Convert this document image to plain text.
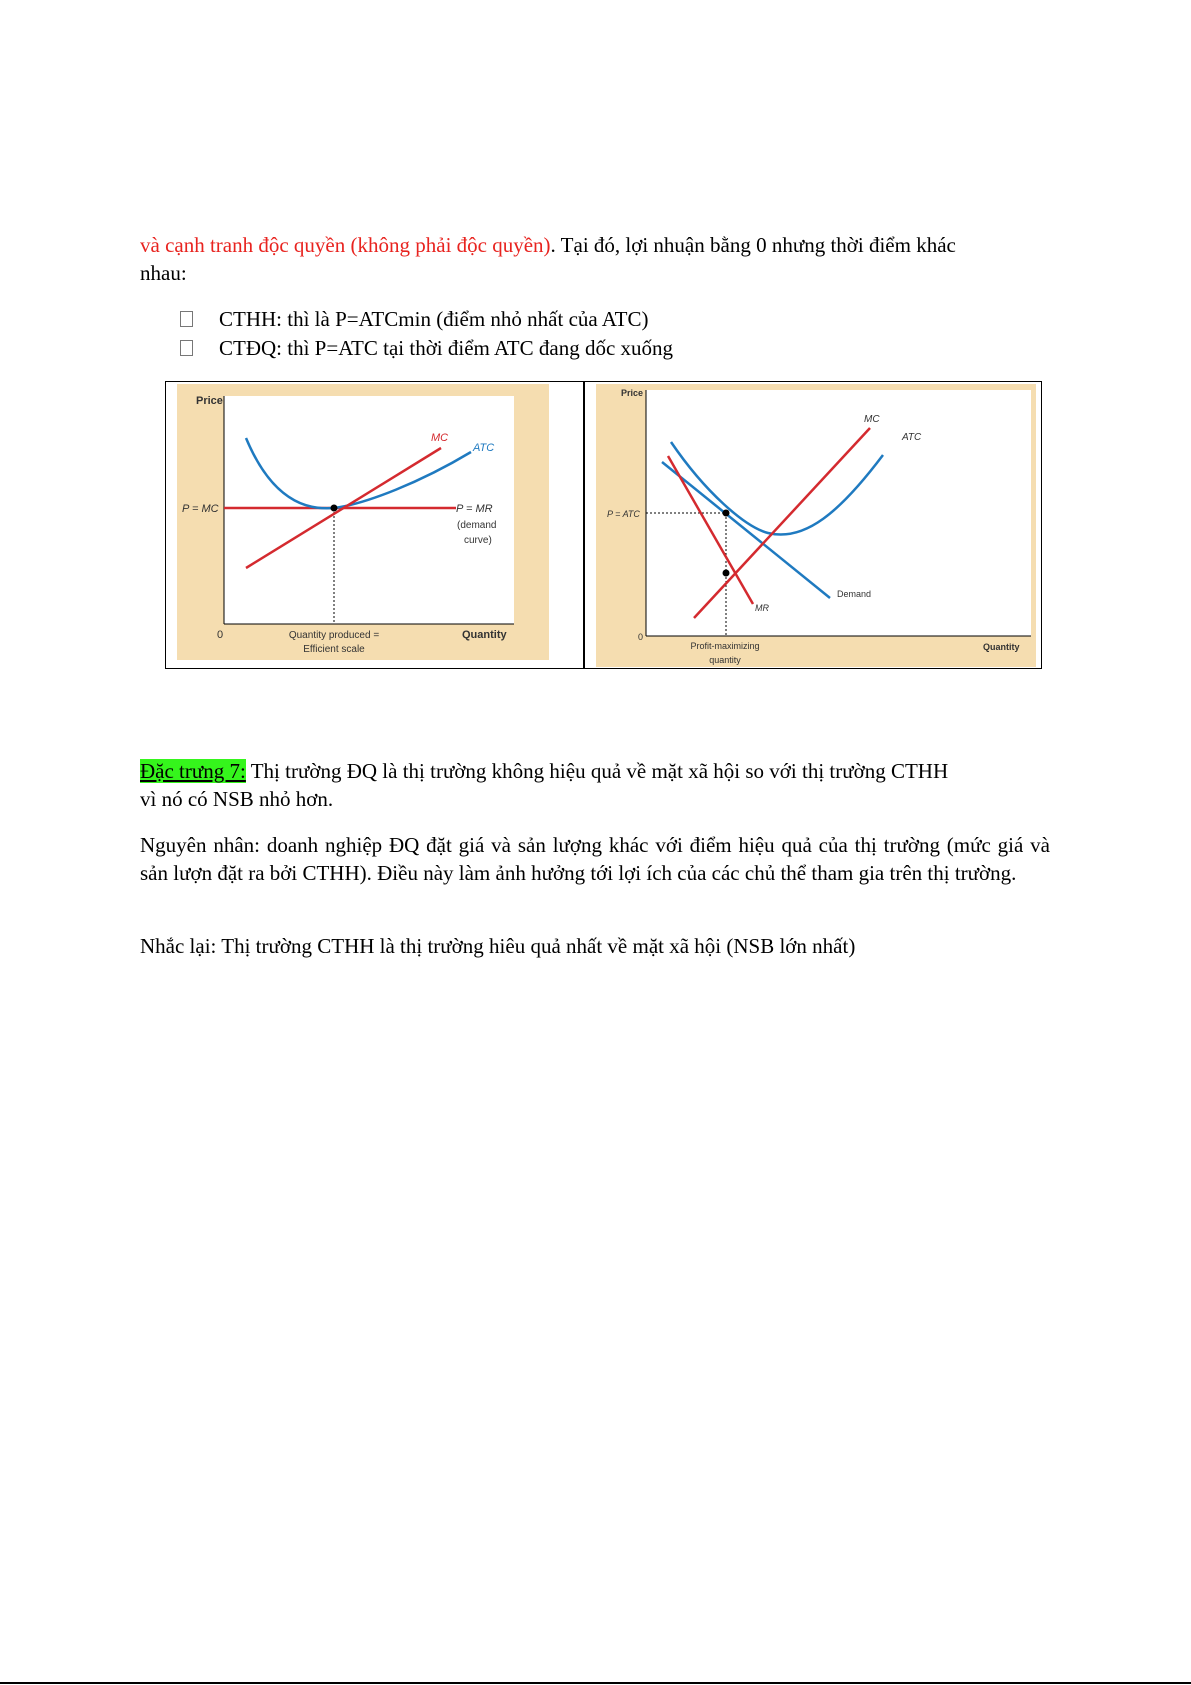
và cạnh tranh độc quyền (không phải độc quyền). Tại đó, lợi nhuận bằng 0 nhưng thời điểm khác
nhau:
CTHH: thì là P=ATCmin (điểm nhỏ nhất của ATC)
CTĐQ: thì P=ATC tại thời điểm ATC đang dốc xuống
Price
Quantity
0
P = MC
Quantity produced =
Efficient scale
MC
ATC
P = MR
(demand
curve)
Price
Quantity
0
P = ATC
Profit-maximizing
quantity
MC
ATC
Demand
MR
Đặc trưng 7: Thị trường ĐQ là thị trường không hiệu quả về mặt xã hội so với thị trường CTHH
vì nó có NSB nhỏ hơn.
Nguyên nhân: doanh nghiệp ĐQ đặt giá và sản lượng khác với điểm hiệu quả của thị trường (mức giá và sản lượn đặt ra bởi CTHH). Điều này làm ảnh hưởng tới lợi ích của các chủ thể tham gia trên thị trường.
Nhắc lại: Thị trường CTHH là thị trường hiêu quả nhất về mặt xã hội (NSB lớn nhất)
